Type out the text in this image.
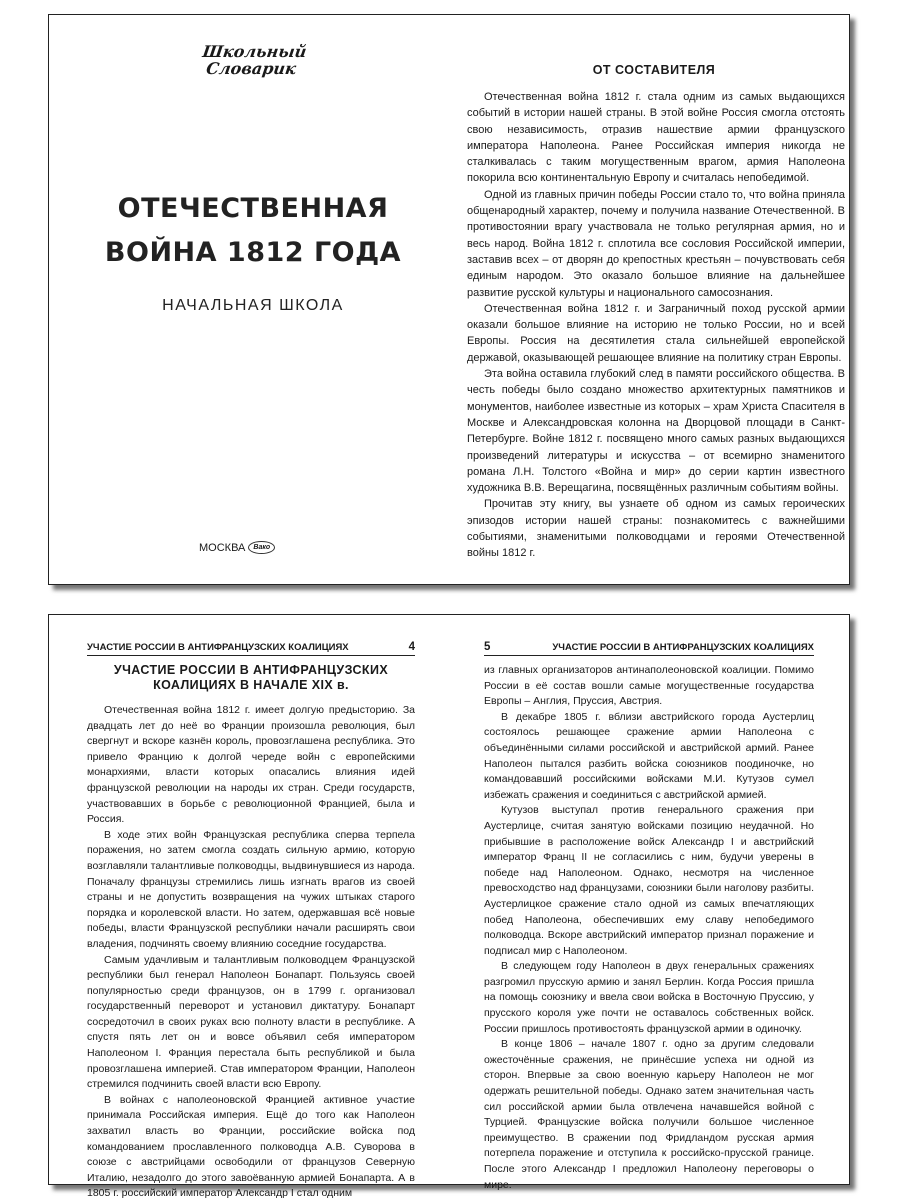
Школьный
Словарик
ОТЕЧЕСТВЕННАЯ
ВОЙНА 1812 ГОДА
НАЧАЛЬНАЯ ШКОЛА
МОСКВА	Вако
ОТ СОСТАВИТЕЛЯ

Отечественная война 1812 г. стала одним из самых выдающихся событий в истории нашей страны. В этой войне Россия смогла отстоять свою независимость, отразив нашествие армии французского императора Наполеона. Ранее Российская империя никогда не сталкивалась с таким могущественным врагом, армия Наполеона покорила всю континентальную Европу и считалась непобедимой.

Одной из главных причин победы России стало то, что война приняла общенародный характер, почему и получила название Отечественной. В противостоянии врагу участвовала не только регулярная армия, но и весь народ. Война 1812 г. сплотила все сословия Российской империи, заставив всех – от дворян до крепостных крестьян – почувствовать себя единым народом. Это оказало большое влияние на дальнейшее развитие русской культуры и национального самосознания.

Отечественная война 1812 г. и Заграничный поход русской армии оказали большое влияние на историю не только России, но и всей Европы. Россия на десятилетия стала сильнейшей европейской державой, оказывающей решающее влияние на политику стран Европы.

Эта война оставила глубокий след в памяти российского общества. В честь победы было создано множество архитектурных памятников и монументов, наиболее известные из которых – храм Христа Спасителя в Москве и Александровская колонна на Дворцовой площади в Санкт-Петербурге. Войне 1812 г. посвящено много самых разных выдающихся произведений литературы и искусства – от всемирно знаменитого романа Л.Н. Толстого «Война и мир» до серии картин известного художника В.В. Верещагина, посвящённых различным событиям войны.

Прочитав эту книгу, вы узнаете об одном из самых героических эпизодов истории нашей страны: познакомитесь с важнейшими событиями, знаменитыми полководцами и героями Отечественной войны 1812 г.

УЧАСТИЕ РОССИИ В АНТИФРАНЦУЗСКИХ КОАЛИЦИЯХ	4
УЧАСТИЕ РОССИИ В АНТИФРАНЦУЗСКИХ
КОАЛИЦИЯХ В НАЧАЛЕ XIX в.

Отечественная война 1812 г. имеет долгую предысторию. За двадцать лет до неё во Франции произошла революция, был свергнут и вскоре казнён король, провозглашена республика. Это привело Францию к долгой череде войн с европейскими монархиями, власти которых опасались влияния идей французской революции на народы их стран. Среди государств, участвовавших в борьбе с революционной Францией, была и Россия.

В ходе этих войн Французская республика сперва терпела поражения, но затем смогла создать сильную армию, которую возглавляли талантливые полководцы, выдвинувшиеся из народа. Поначалу французы стремились лишь изгнать врагов из своей страны и не допустить возвращения на чужих штыках старого порядка и королевской власти. Но затем, одержавшая всё новые победы, власти Французской республики начали расширять свои владения, подчинять своему влиянию соседние государства.

Самым удачливым и талантливым полководцем Французской республики был генерал Наполеон Бонапарт. Пользуясь своей популярностью среди французов, он в 1799 г. организовал государственный переворот и установил диктатуру. Бонапарт сосредоточил в своих руках всю полноту власти в республике. А спустя пять лет он и вовсе объявил себя императором Наполеоном I. Франция перестала быть республикой и была провозглашена империей. Став императором Франции, Наполеон стремился подчинить своей власти всю Европу.

В войнах с наполеоновской Францией активное участие принимала Российская империя. Ещё до того как Наполеон захватил власть во Франции, российские войска под командованием прославленного полководца А.В. Суворова в союзе с австрийцами освободили от французов Северную Италию, незадолго до этого завоёванную армией Бонапарта. А в 1805 г. российский император Александр I стал одним

5	УЧАСТИЕ РОССИИ В АНТИФРАНЦУЗСКИХ КОАЛИЦИЯХ

из главных организаторов антинаполеоновской коалиции. Помимо России в её состав вошли самые могущественные государства Европы – Англия, Пруссия, Австрия.

В декабре 1805 г. вблизи австрийского города Аустерлиц состоялось решающее сражение армии Наполеона с объединёнными силами российской и австрийской армий. Ранее Наполеон пытался разбить войска союзников поодиночке, но командовавший российскими войсками М.И. Кутузов сумел избежать сражения и соединиться с австрийской армией.

Кутузов выступал против генерального сражения при Аустерлице, считая занятую войсками позицию неудачной. Но прибывшие в расположение войск Александр I и австрийский император Франц II не согласились с ним, будучи уверены в победе над Наполеоном. Однако, несмотря на численное превосходство над французами, союзники были наголову разбиты. Аустерлицкое сражение стало одной из самых впечатляющих побед Наполеона, обеспечивших ему славу непобедимого полководца. Вскоре австрийский император признал поражение и подписал мир с Наполеоном.

В следующем году Наполеон в двух генеральных сражениях разгромил прусскую армию и занял Берлин. Когда Россия пришла на помощь союзнику и ввела свои войска в Восточную Пруссию, у прусского короля уже почти не оставалось собственных войск. России пришлось противостоять французской армии в одиночку.

В конце 1806 – начале 1807 г. одно за другим следовали ожесточённые сражения, не принёсшие успеха ни одной из сторон. Впервые за свою военную карьеру Наполеон не мог одержать решительной победы. Однако затем значительная часть сил российской армии была отвлечена начавшейся войной с Турцией. Французские войска получили большое численное преимущество. В сражении под Фридландом русская армия потерпела поражение и отступила к российско-прусской границе. После этого Александр I предложил Наполеону переговоры о мире.
